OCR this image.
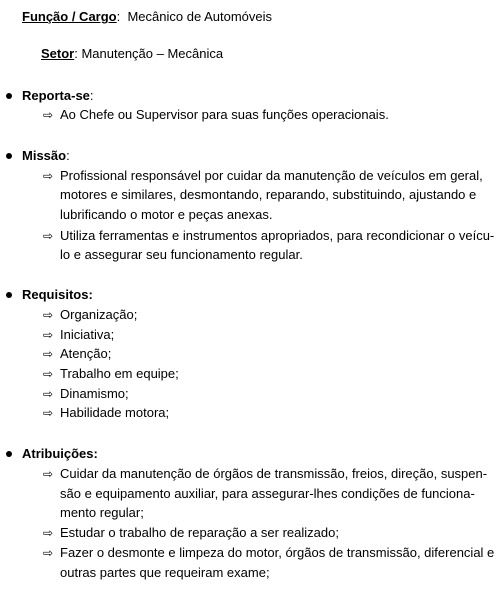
Função / Cargo:  Mecânico de Automóveis
Setor: Manutenção – Mecânica
Reporta-se:
⇨ Ao Chefe ou Supervisor para suas funções operacionais.
Missão:
⇨ Profissional responsável por cuidar da manutenção de veículos em geral,
motores e similares, desmontando, reparando, substituindo, ajustando e
lubrificando o motor e peças anexas.
⇨ Utiliza ferramentas e instrumentos apropriados, para recondicionar o veícu-
lo e assegurar seu funcionamento regular.
Requisitos:
⇨ Organização;
⇨ Iniciativa;
⇨ Atenção;
⇨ Trabalho em equipe;
⇨ Dinamismo;
⇨ Habilidade motora;
Atribuições:
⇨ Cuidar da manutenção de órgãos de transmissão, freios, direção, suspen-
são e equipamento auxiliar, para assegurar-lhes condições de funciona-
mento regular;
⇨ Estudar o trabalho de reparação a ser realizado;
⇨ Fazer o desmonte e limpeza do motor, órgãos de transmissão, diferencial e
outras partes que requeiram exame;
